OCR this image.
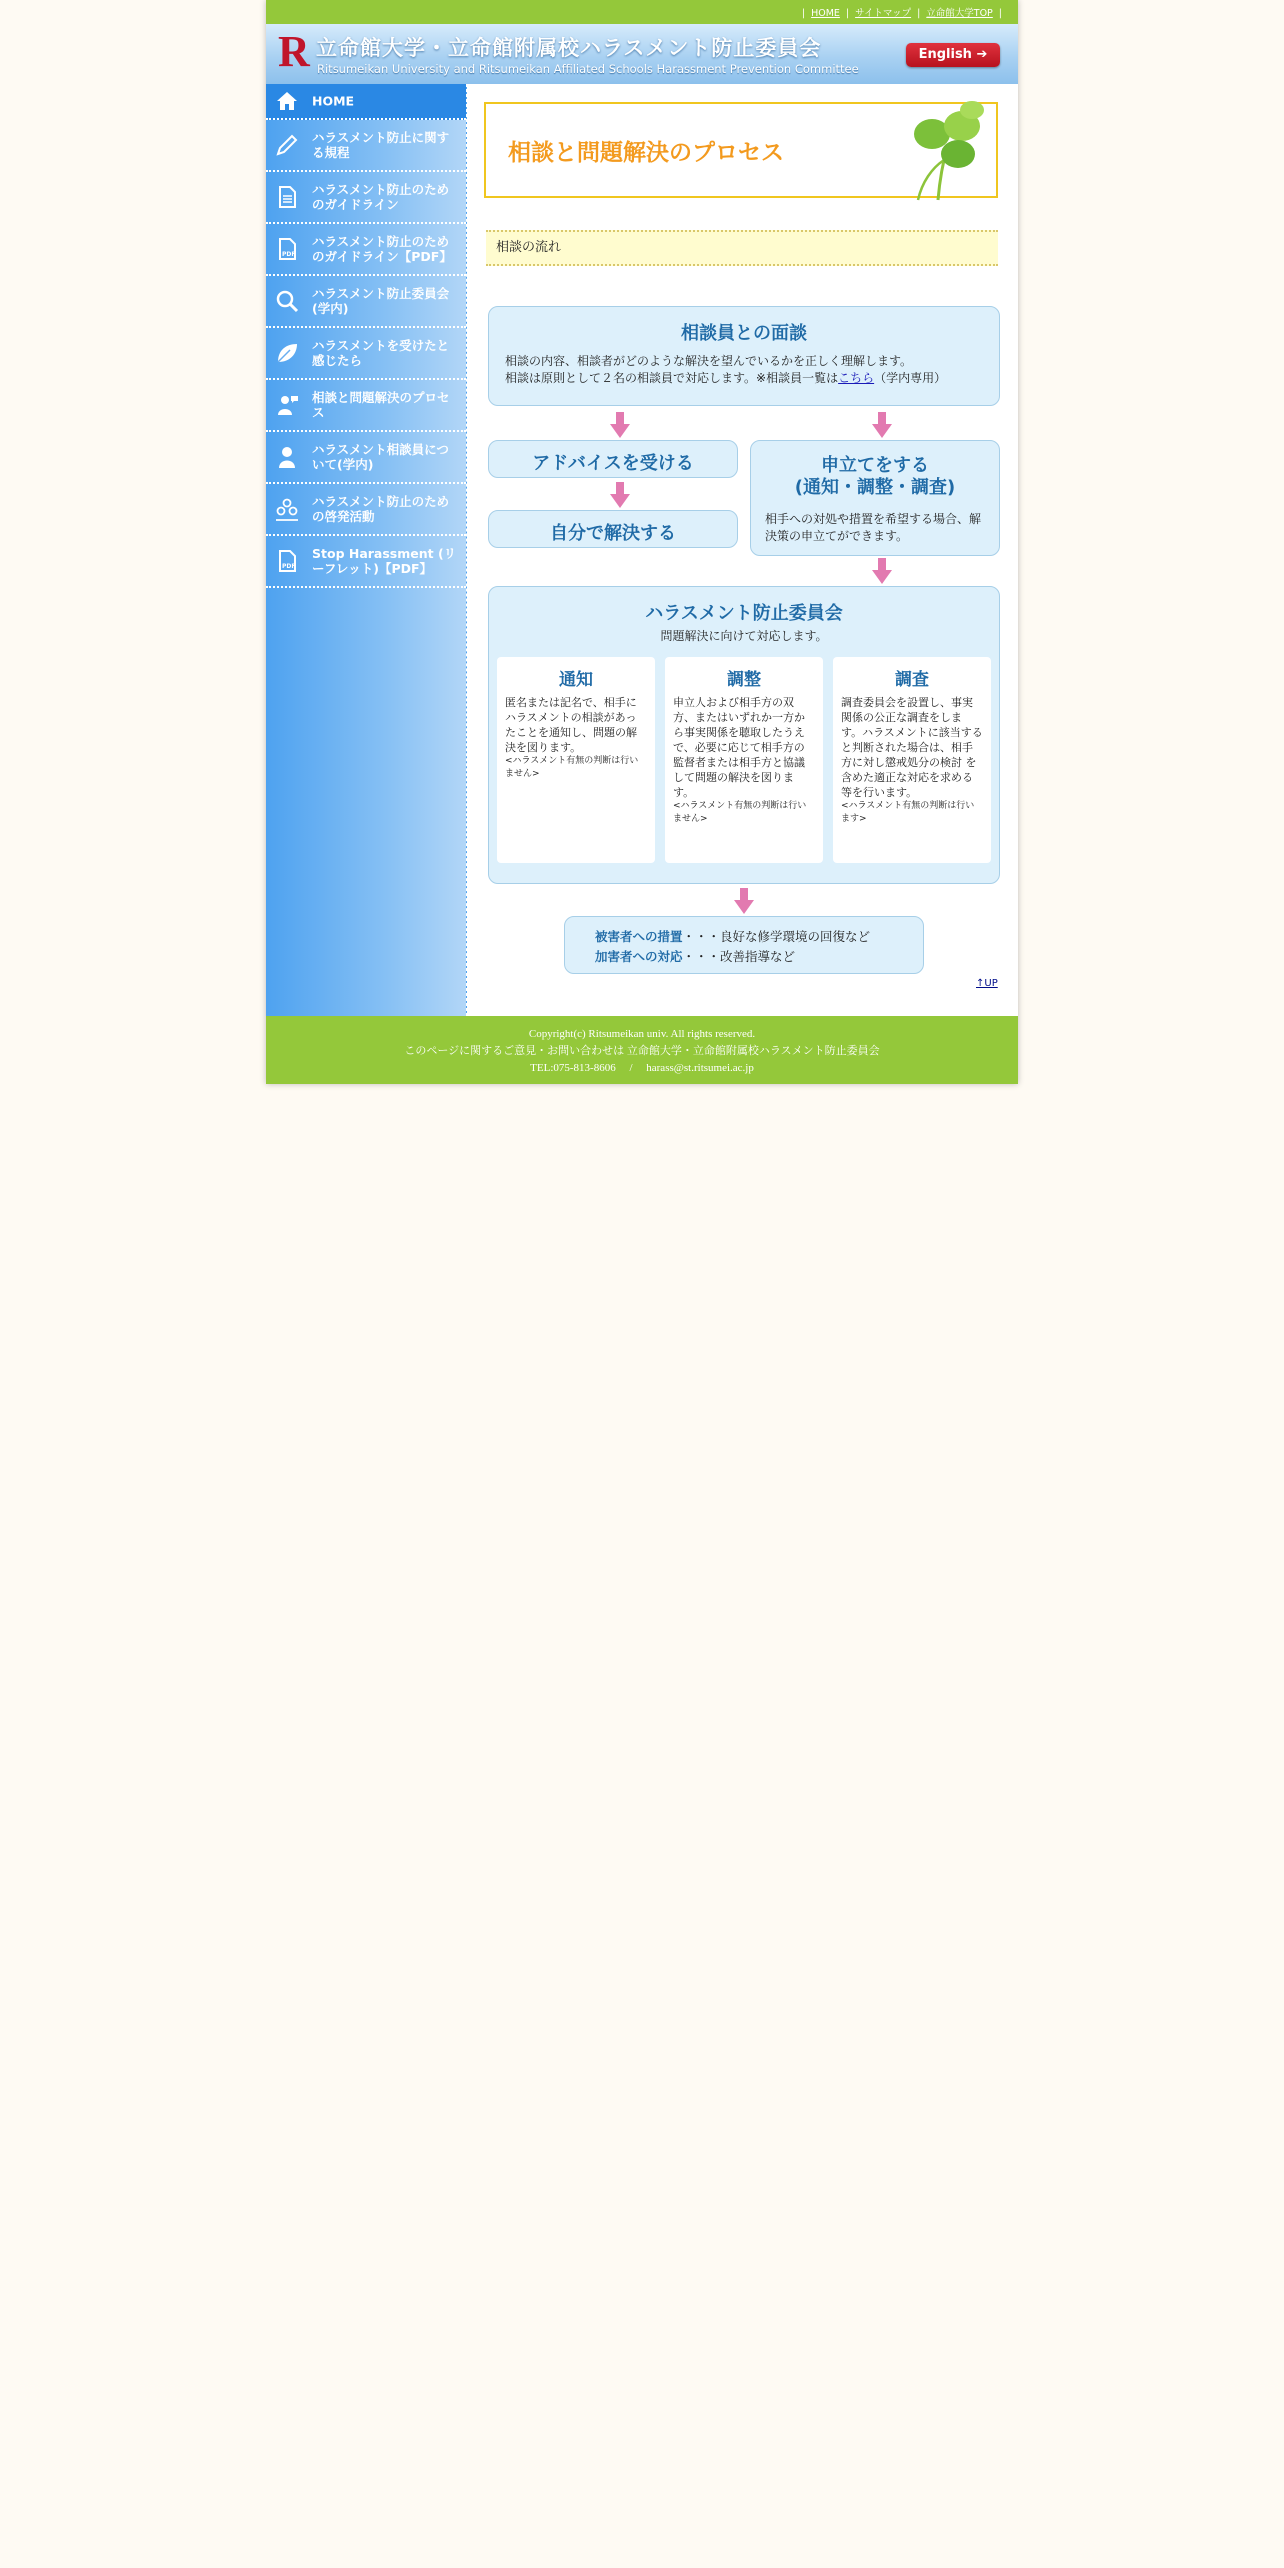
| HOME | サイトマップ | 立命館大学TOP |
R 立命館大学・立命館附属校ハラスメント防止委員会
Ritsumeikan University and Ritsumeikan Affiliated Schools Harassment Prevention Committee
English ➔
HOME
ハラスメント防止に関する規程
ハラスメント防止のためのガイドライン
PDF
ハラスメント防止のためのガイドライン【PDF】
ハラスメント防止委員会(学内)
ハラスメントを受けたと感じたら
相談と問題解決のプロセス
ハラスメント相談員について(学内)
ハラスメント防止のための啓発活動
PDF
Stop Harassment (リーフレット)【PDF】
相談と問題解決のプロセス
相談の流れ
相談員との面談
相談の内容、相談者がどのような解決を望んでいるかを正しく理解します。
相談は原則として２名の相談員で対応します。※相談員一覧はこちら（学内専用）
アドバイスを受ける
自分で解決する
申立てをする
(通知・調整・調査)
相手への対処や措置を希望する場合、解決策の申立てができます。
ハラスメント防止委員会
問題解決に向けて対応します。
通知
匿名または記名で、相手にハラスメントの相談があったことを通知し、問題の解決を図ります。
<ハラスメント有無の判断は行いません>
調整
申立人および相手方の双方、またはいずれか一方から事実関係を聴取したうえで、必要に応じて相手方の監督者または相手方と協議して問題の解決を図ります。
<ハラスメント有無の判断は行いません>
調査
調査委員会を設置し、事実関係の公正な調査をします。ハラスメントに該当すると判断された場合は、相手方に対し懲戒処分の検討 を含めた適正な対応を求める等を行います。
<ハラスメント有無の判断は行います>
被害者への措置・・・良好な修学環境の回復など
加害者への対応・・・改善指導など
↑UP
Copyright(c) Ritsumeikan univ. All rights reserved.
このページに関するご意見・お問い合わせは 立命館大学・立命館附属校ハラスメント防止委員会
TEL:075-813-8606　 / 　harass@st.ritsumei.ac.jp
